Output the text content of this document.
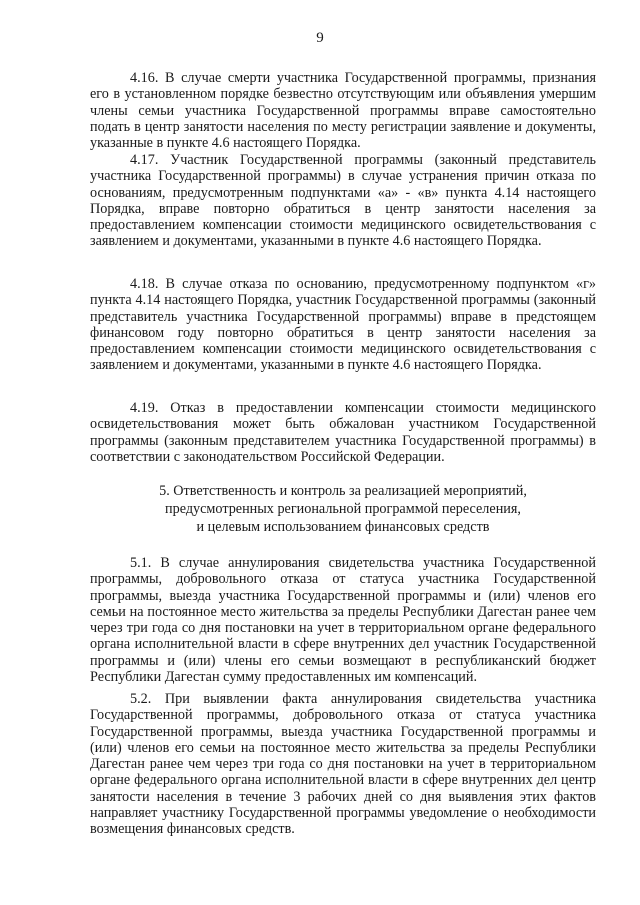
9

4.16. В случае смерти участника Государственной программы, признания его в установленном порядке безвестно отсутствующим или объявления умершим члены семьи участника Государственной программы вправе самостоятельно подать в центр занятости населения по месту регистрации заявление и документы, указанные в пункте 4.6 настоящего Порядка.

4.17. Участник Государственной программы (законный представитель участника Государственной программы) в случае устранения причин отказа по основаниям, предусмотренным подпунктами «а» - «в» пункта 4.14 настоящего Порядка, вправе повторно обратиться в центр занятости населения за предоставлением компенсации стоимости медицинского освидетельствования с заявлением и документами, указанными в пункте 4.6 настоящего Порядка.

4.18. В случае отказа по основанию, предусмотренному подпунктом «г» пункта 4.14 настоящего Порядка, участник Государственной программы (законный представитель участника Государственной программы) вправе в предстоящем финансовом году повторно обратиться в центр занятости населения за предоставлением компенсации стоимости медицинского освидетельствования с заявлением и документами, указанными в пункте 4.6 настоящего Порядка.

4.19. Отказ в предоставлении компенсации стоимости медицинского освидетельствования может быть обжалован участником Государственной программы (законным представителем участника Государственной программы) в соответствии с законодательством Российской Федерации.

5. Ответственность и контроль за реализацией мероприятий,
предусмотренных региональной программой переселения,
и целевым использованием финансовых средств

5.1. В случае аннулирования свидетельства участника Государственной программы, добровольного отказа от статуса участника Государственной программы, выезда участника Государственной программы и (или) членов его семьи на постоянное место жительства за пределы Республики Дагестан ранее чем через три года со дня постановки на учет в территориальном органе федерального органа исполнительной власти в сфере внутренних дел участник Государственной программы и (или) члены его семьи возмещают в республиканский бюджет Республики Дагестан сумму предоставленных им компенсаций.

5.2. При выявлении факта аннулирования свидетельства участника Государственной программы, добровольного отказа от статуса участника Государственной программы, выезда участника Государственной программы и (или) членов его семьи на постоянное место жительства за пределы Республики Дагестан ранее чем через три года со дня постановки на учет в территориальном органе федерального органа исполнительной власти в сфере внутренних дел центр занятости населения в течение 3 рабочих дней со дня выявления этих фактов направляет участнику Государственной программы уведомление о необходимости возмещения финансовых средств.
